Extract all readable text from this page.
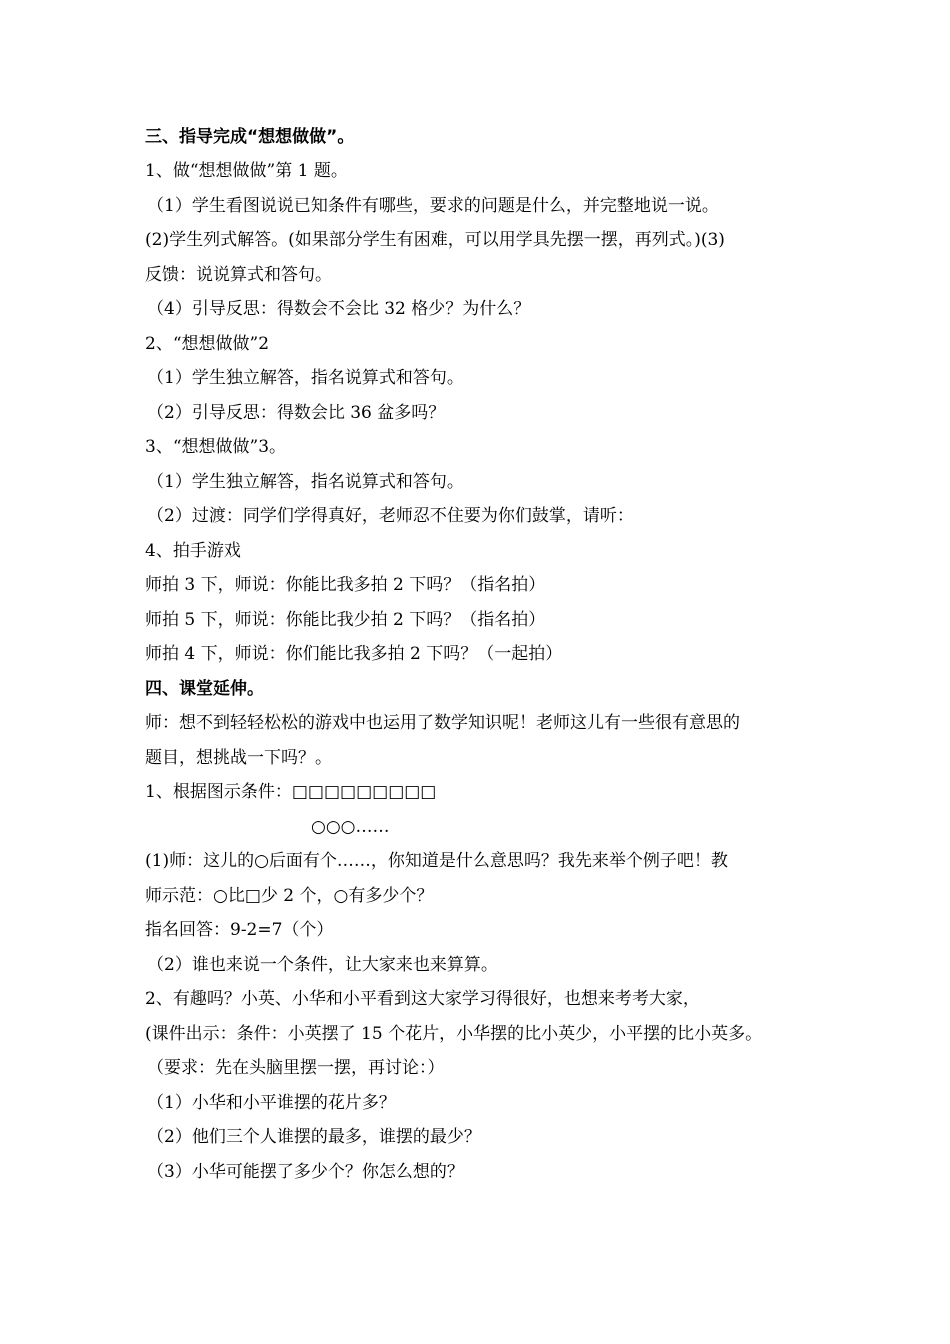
三、指导完成“想想做做”。
1、做“想想做做”第 1 题。
（1）学生看图说说已知条件有哪些，要求的问题是什么，并完整地说一说。
(2)学生列式解答。(如果部分学生有困难，可以用学具先摆一摆，再列式。)(3)
反馈：说说算式和答句。
（4）引导反思：得数会不会比 32 格少？为什么？
2、“想想做做”2
（1）学生独立解答，指名说算式和答句。
（2）引导反思：得数会比 36 盆多吗？
3、“想想做做”3。
（1）学生独立解答，指名说算式和答句。
（2）过渡：同学们学得真好，老师忍不住要为你们鼓掌，请听：
4、拍手游戏
师拍 3 下，师说：你能比我多拍 2 下吗？（指名拍）
师拍 5 下，师说：你能比我少拍 2 下吗？（指名拍）
师拍 4 下，师说：你们能比我多拍 2 下吗？（一起拍）
四、课堂延伸。
师：想不到轻轻松松的游戏中也运用了数学知识呢！老师这儿有一些很有意思的
题目，想挑战一下吗？。
1、根据图示条件：□□□□□□□□□
○○○……
(1)师：这儿的○后面有个……，你知道是什么意思吗？我先来举个例子吧！教
师示范：○比□少 2 个，○有多少个？
指名回答：9-2=7（个）
（2）谁也来说一个条件，让大家来也来算算。
2、有趣吗？小英、小华和小平看到这大家学习得很好，也想来考考大家，
(课件出示：条件：小英摆了 15 个花片，小华摆的比小英少，小平摆的比小英多。
（要求：先在头脑里摆一摆，再讨论：）
（1）小华和小平谁摆的花片多？
（2）他们三个人谁摆的最多，谁摆的最少？
（3）小华可能摆了多少个？你怎么想的？
